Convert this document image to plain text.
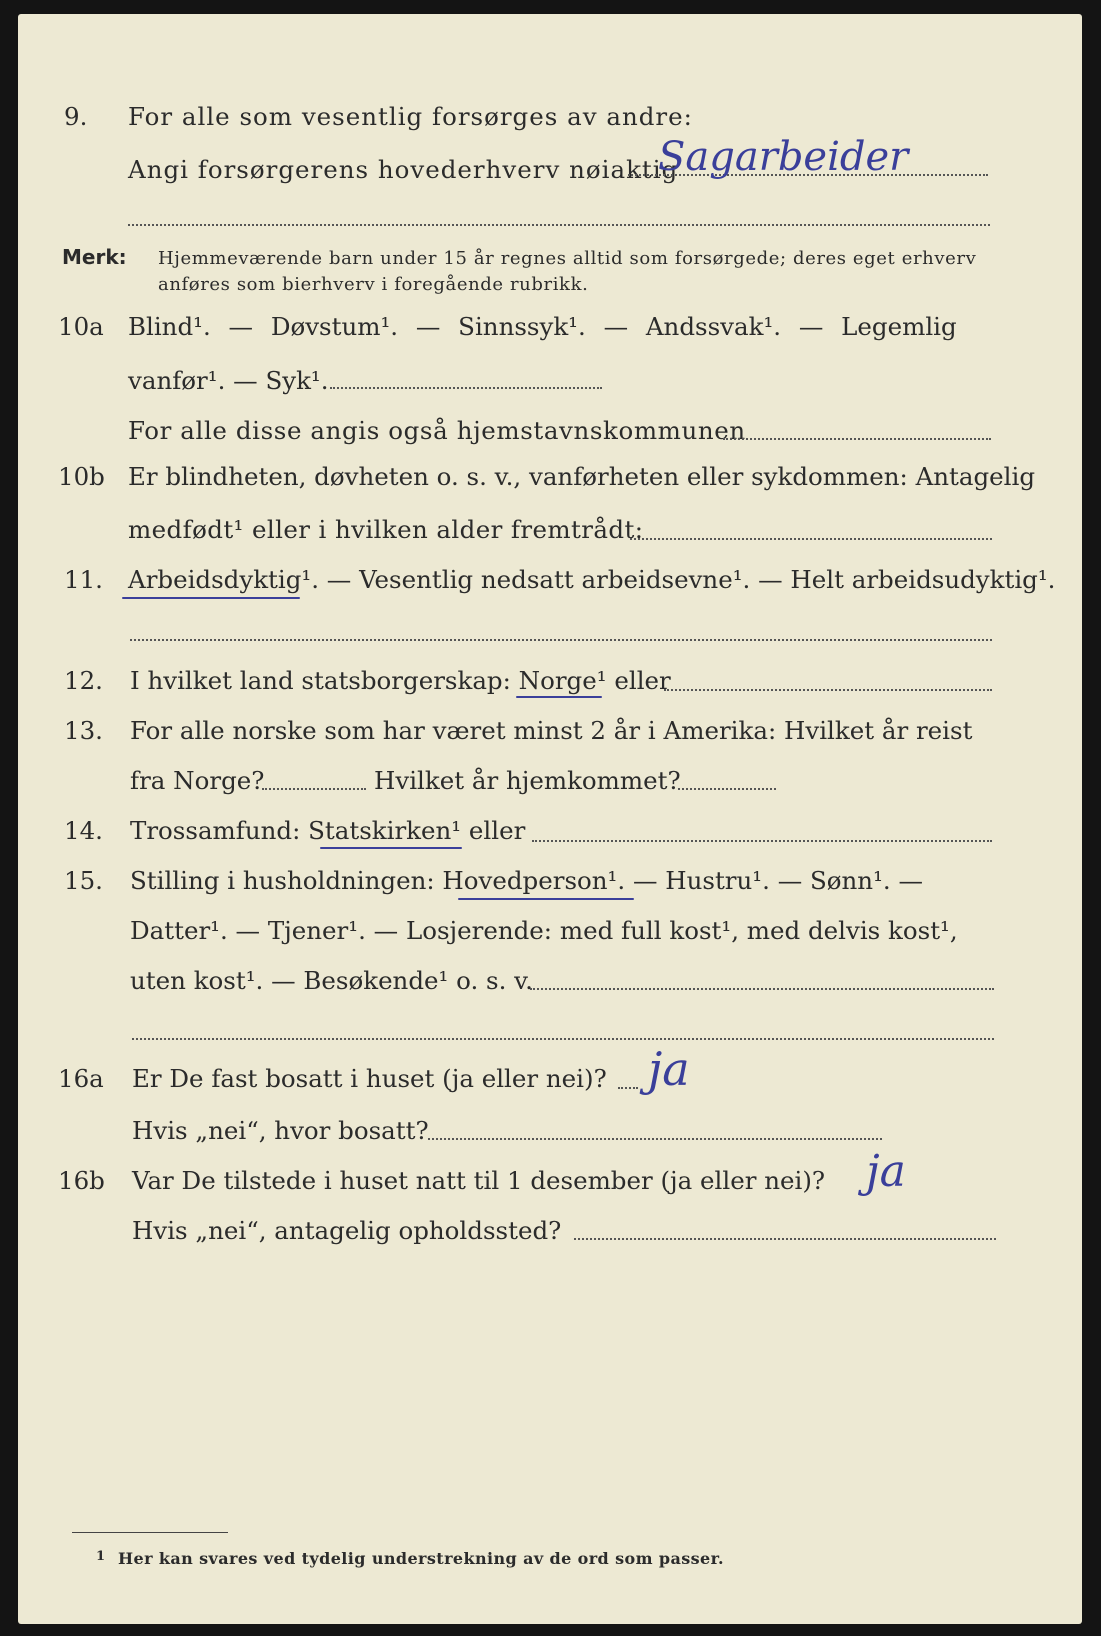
9.	For alle som vesentlig forsørges av andre:
Angi forsørgerens hovederhverv nøiaktig
Sagarbeider
Merk: Hjemmeværende barn under 15 år regnes alltid som forsørgede; deres eget erhverv
anføres som bierhverv i foregående rubrikk.
10a Blind¹. — Døvstum¹. — Sinnssyk¹. — Andssvak¹. — Legemlig
vanfør¹. — Syk¹.
For alle disse angis også hjemstavnskommunen
10b Er blindheten, døvheten o. s. v., vanførheten eller sykdommen: Antagelig
medfødt¹ eller i hvilken alder fremtrådt:
11.	Arbeidsdyktig¹. — Vesentlig nedsatt arbeidsevne¹. — Helt arbeidsudyktig¹.
12.	I hvilket land statsborgerskap: Norge¹ eller
13.	For alle norske som har været minst 2 år i Amerika: Hvilket år reist
fra Norge?	Hvilket år hjemkommet?
14.	Trossamfund: Statskirken¹ eller
15.	Stilling i husholdningen: Hovedperson¹. — Hustru¹. — Sønn¹. —
Datter¹. — Tjener¹. — Losjerende: med full kost¹, med delvis kost¹,
uten kost¹. — Besøkende¹ o. s. v.
16a	Er De fast bosatt i huset (ja eller nei)? ja
Hvis „nei“, hvor bosatt?
16b	Var De tilstede i huset natt til 1 desember (ja eller nei)? ja
Hvis „nei“, antagelig opholdssted?
1 Her kan svares ved tydelig understrekning av de ord som passer.
